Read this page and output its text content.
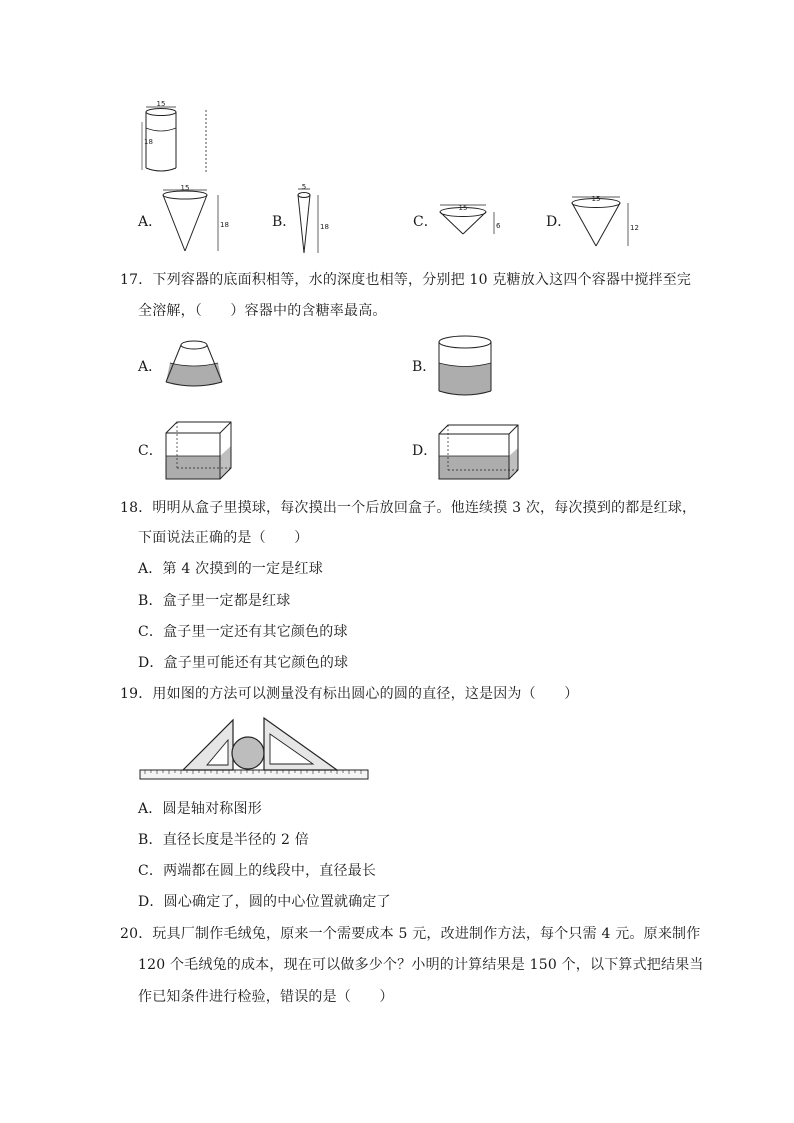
15
18
A．
15
18	B．
5
18	C．
15
6	D．
15
12
17．下列容器的底面积相等，水的深度也相等，分别把 10 克糖放入这四个容器中搅拌至完
全溶解，（　　）容器中的含糖率最高。
A．	B．
C．	D．
18．明明从盒子里摸球，每次摸出一个后放回盒子。他连续摸 3 次，每次摸到的都是红球，
下面说法正确的是（　　）
A．第 4 次摸到的一定是红球
B．盒子里一定都是红球
C．盒子里一定还有其它颜色的球
D．盒子里可能还有其它颜色的球
19．用如图的方法可以测量没有标出圆心的圆的直径，这是因为（　　）
A．圆是轴对称图形
B．直径长度是半径的 2 倍
C．两端都在圆上的线段中，直径最长
D．圆心确定了，圆的中心位置就确定了
20．玩具厂制作毛绒兔，原来一个需要成本 5 元，改进制作方法，每个只需 4 元。原来制作
120 个毛绒兔的成本，现在可以做多少个？小明的计算结果是 150 个，以下算式把结果当
作已知条件进行检验，错误的是（　　）
